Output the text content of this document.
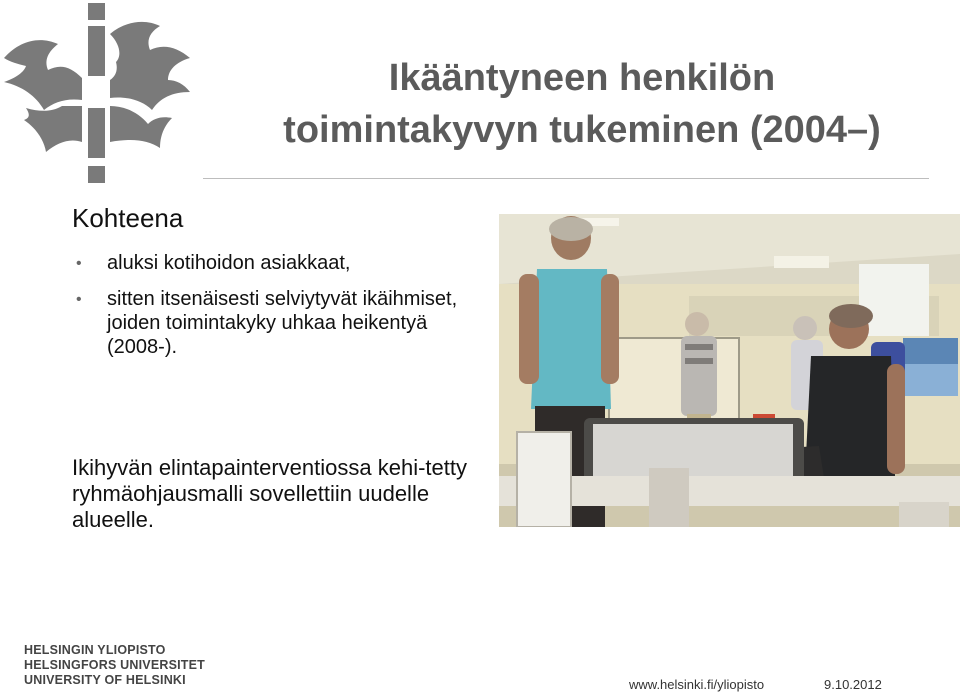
Ikääntyneen henkilön
toimintakyvyn tukeminen (2004–)
Kohteena
• aluksi kotihoidon asiakkaat,
• sitten itsenäisesti selviytyvät ikäihmiset, joiden toimintakyky uhkaa heikentyä (2008-).
Ikihyvän elintapainterventiossa kehi-tetty ryhmäohjausmalli sovellettiin uudelle alueelle.
HELSINGIN YLIOPISTO
HELSINGFORS UNIVERSITET
UNIVERSITY OF HELSINKI	www.helsinki.fi/yliopisto	9.10.2012
